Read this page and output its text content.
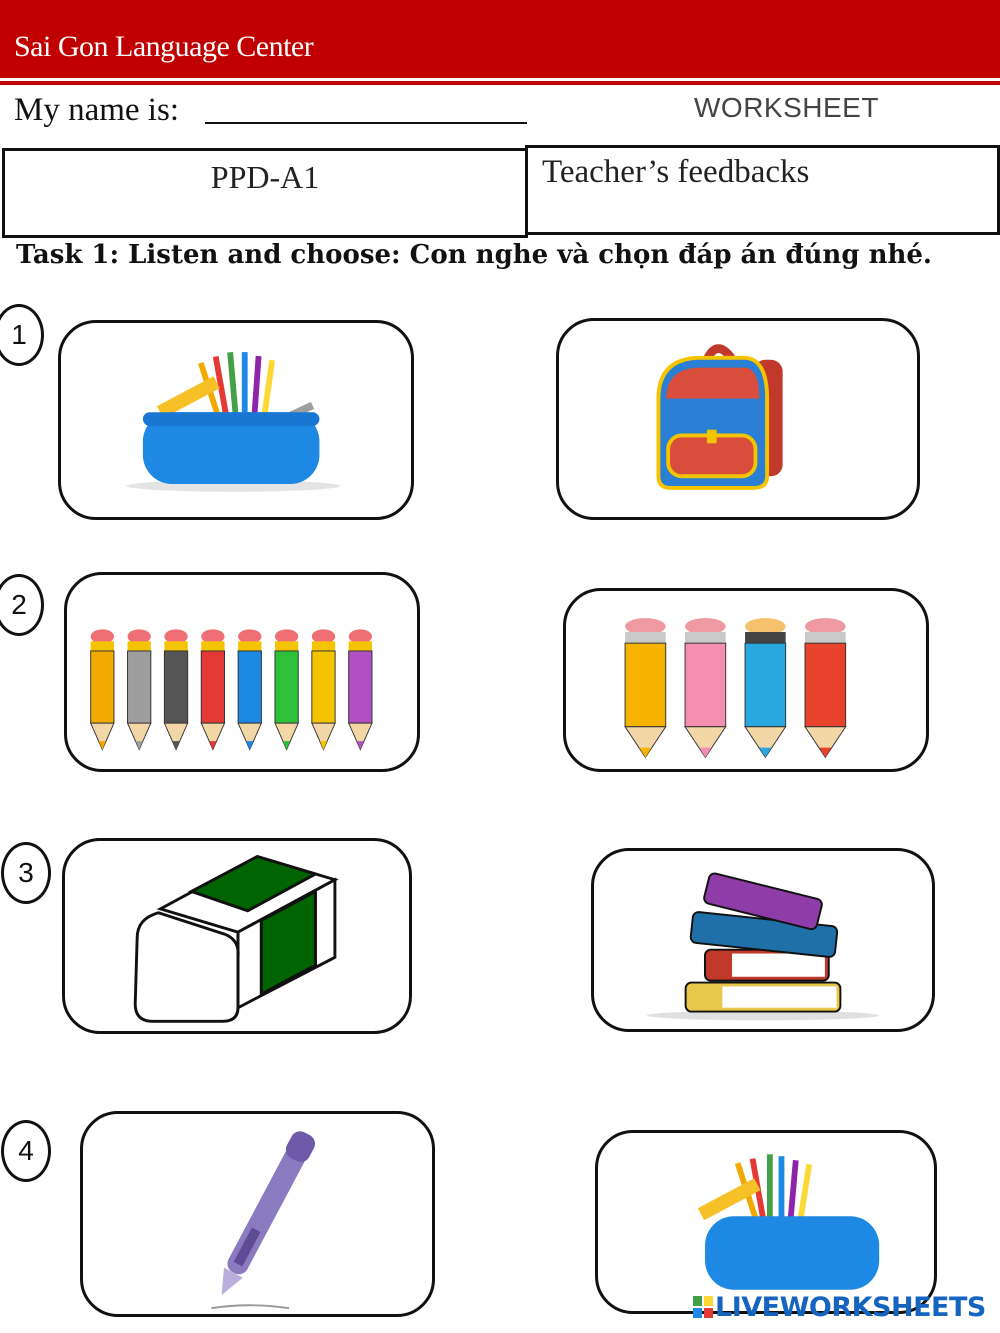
Sai Gon Language Center
My name is:	WORKSHEET
PPD-A1	Teacher’s feedbacks
Task 1: Listen and choose: Con nghe và chọn đáp án đúng nhé.
1
2
3
4
LIVEWORKSHEETS
